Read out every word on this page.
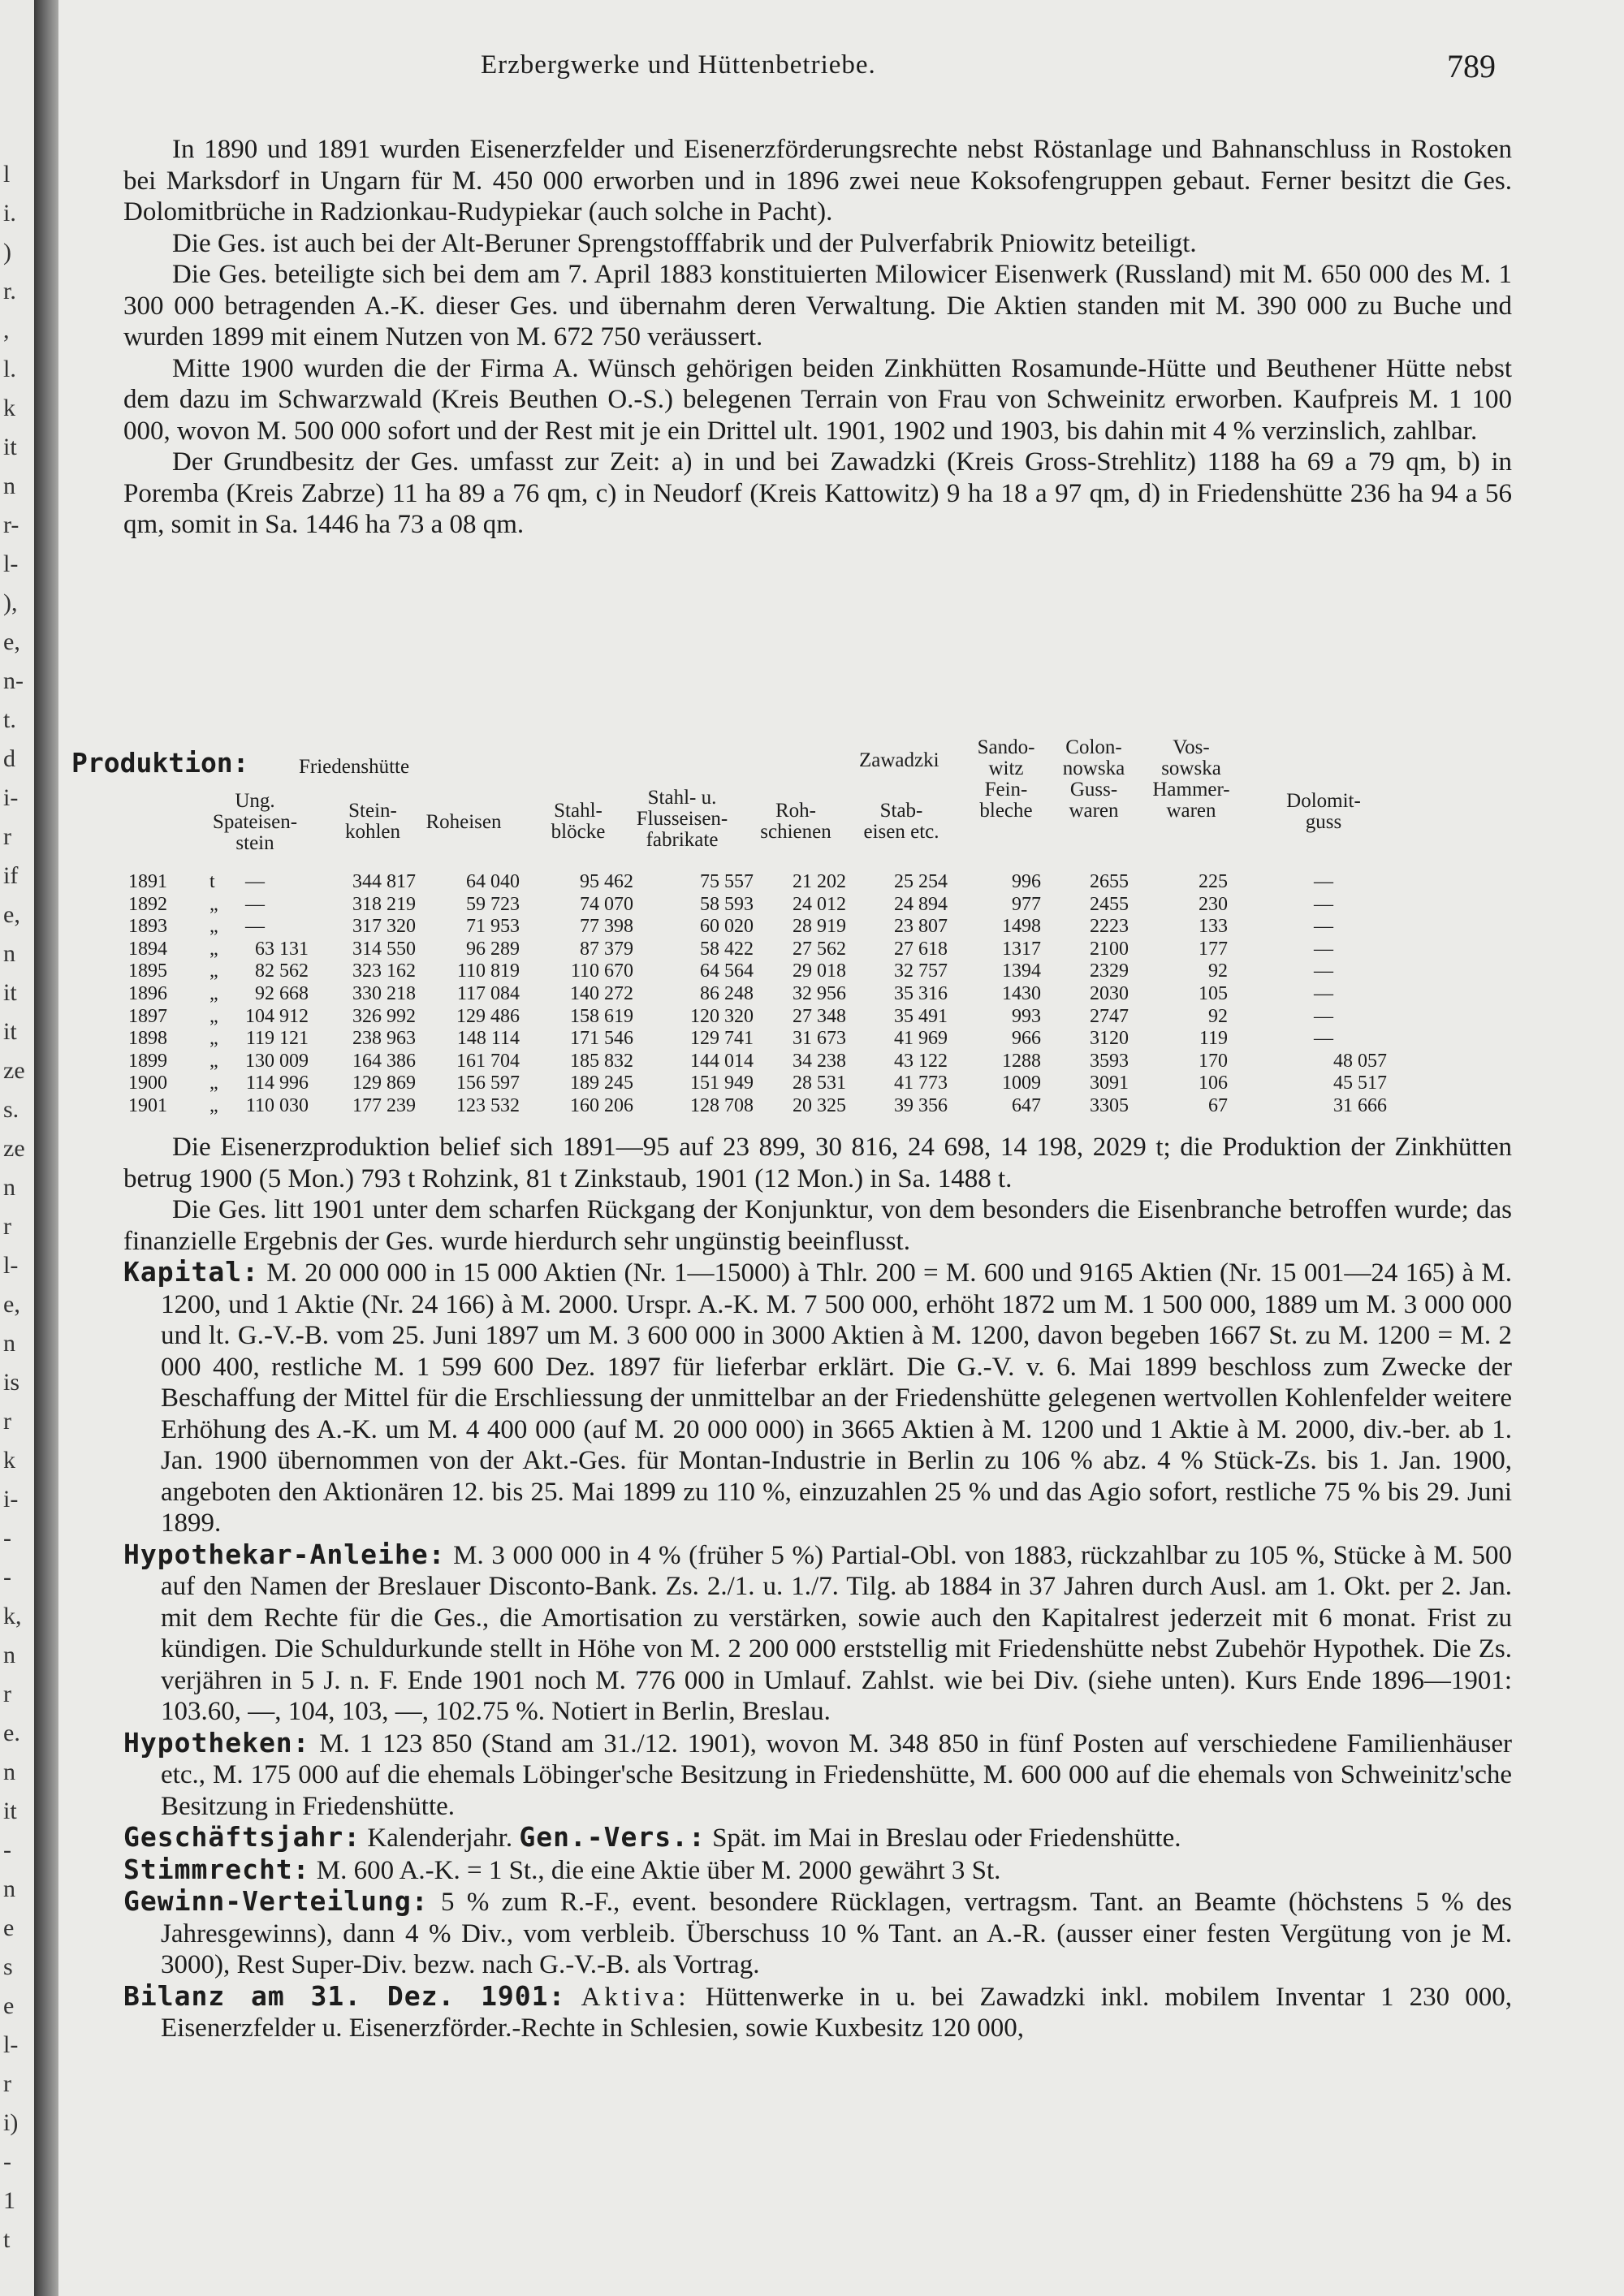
l
i.
)
r.
,
l.
k
it
n
r-
l-
),
e,
n-
t.
d
i-
r
if
e,
n
it
it
ze
s.
ze
n
r
l-
e,
n
is
r
k
i-
-
-
k,
n
r
e.
n
it
-
n
e
s
e
l-
r
i)
-
1
t
Erzbergwerke und Hüttenbetriebe.	789

In 1890 und 1891 wurden Eisenerzfelder und Eisenerzförderungsrechte nebst Röstanlage und Bahnanschluss in Rostoken bei Marksdorf in Ungarn für M. 450 000 erworben und in 1896 zwei neue Koksofengruppen gebaut. Ferner besitzt die Ges. Dolomitbrüche in Radzionkau-Rudypiekar (auch solche in Pacht).

Die Ges. ist auch bei der Alt-Beruner Sprengstofffabrik und der Pulverfabrik Pniowitz beteiligt.

Die Ges. beteiligte sich bei dem am 7. April 1883 konstituierten Milowicer Eisenwerk (Russland) mit M. 650 000 des M. 1 300 000 betragenden A.-K. dieser Ges. und übernahm deren Verwaltung. Die Aktien standen mit M. 390 000 zu Buche und wurden 1899 mit einem Nutzen von M. 672 750 veräussert.

Mitte 1900 wurden die der Firma A. Wünsch gehörigen beiden Zinkhütten Rosamunde-Hütte und Beuthener Hütte nebst dem dazu im Schwarzwald (Kreis Beuthen O.-S.) belegenen Terrain von Frau von Schweinitz erworben. Kaufpreis M. 1 100 000, wovon M. 500 000 sofort und der Rest mit je ein Drittel ult. 1901, 1902 und 1903, bis dahin mit 4 % verzinslich, zahlbar.

Der Grundbesitz der Ges. umfasst zur Zeit: a) in und bei Zawadzki (Kreis Gross-Strehlitz) 1188 ha 69 a 79 qm, b) in Poremba (Kreis Zabrze) 11 ha 89 a 76 qm, c) in Neudorf (Kreis Kattowitz) 9 ha 18 a 97 qm, d) in Friedenshütte 236 ha 94 a 56 qm, somit in Sa. 1446 ha 73 a 08 qm.

Produktion: Friedenshütte	Zawadzki

Die Eisenerzproduktion belief sich 1891—95 auf 23 899, 30 816, 24 698, 14 198, 2029 t; die Produktion der Zinkhütten betrug 1900 (5 Mon.) 793 t Rohzink, 81 t Zinkstaub, 1901 (12 Mon.) in Sa. 1488 t.

Die Ges. litt 1901 unter dem scharfen Rückgang der Konjunktur, von dem besonders die Eisenbranche betroffen wurde; das finanzielle Ergebnis der Ges. wurde hierdurch sehr ungünstig beeinflusst.

Kapital: M. 20 000 000 in 15 000 Aktien (Nr. 1—15000) à Thlr. 200 = M. 600 und 9165 Aktien (Nr. 15 001—24 165) à M. 1200, und 1 Aktie (Nr. 24 166) à M. 2000. Urspr. A.-K. M. 7 500 000, erhöht 1872 um M. 1 500 000, 1889 um M. 3 000 000 und lt. G.-V.-B. vom 25. Juni 1897 um M. 3 600 000 in 3000 Aktien à M. 1200, davon begeben 1667 St. zu M. 1200 = M. 2 000 400, restliche M. 1 599 600 Dez. 1897 für lieferbar erklärt. Die G.-V. v. 6. Mai 1899 beschloss zum Zwecke der Beschaffung der Mittel für die Erschliessung der unmittelbar an der Friedenshütte gelegenen wertvollen Kohlenfelder weitere Erhöhung des A.-K. um M. 4 400 000 (auf M. 20 000 000) in 3665 Aktien à M. 1200 und 1 Aktie à M. 2000, div.-ber. ab 1. Jan. 1900 übernommen von der Akt.-Ges. für Montan-Industrie in Berlin zu 106 % abz. 4 % Stück-Zs. bis 1. Jan. 1900, angeboten den Aktionären 12. bis 25. Mai 1899 zu 110 %, einzuzahlen 25 % und das Agio sofort, restliche 75 % bis 29. Juni 1899.

Hypothekar-Anleihe: M. 3 000 000 in 4 % (früher 5 %) Partial-Obl. von 1883, rückzahlbar zu 105 %, Stücke à M. 500 auf den Namen der Breslauer Disconto-Bank. Zs. 2./1. u. 1./7. Tilg. ab 1884 in 37 Jahren durch Ausl. am 1. Okt. per 2. Jan. mit dem Rechte für die Ges., die Amortisation zu verstärken, sowie auch den Kapitalrest jederzeit mit 6 monat. Frist zu kündigen. Die Schuldurkunde stellt in Höhe von M. 2 200 000 erststellig mit Friedenshütte nebst Zubehör Hypothek. Die Zs. verjähren in 5 J. n. F. Ende 1901 noch M. 776 000 in Umlauf. Zahlst. wie bei Div. (siehe unten). Kurs Ende 1896—1901: 103.60, —, 104, 103, —, 102.75 %. Notiert in Berlin, Breslau.

Hypotheken: M. 1 123 850 (Stand am 31./12. 1901), wovon M. 348 850 in fünf Posten auf verschiedene Familienhäuser etc., M. 175 000 auf die ehemals Löbinger'sche Besitzung in Friedenshütte, M. 600 000 auf die ehemals von Schweinitz'sche Besitzung in Friedenshütte.

Geschäftsjahr: Kalenderjahr. Gen.-Vers.: Spät. im Mai in Breslau oder Friedenshütte.

Stimmrecht: M. 600 A.-K. = 1 St., die eine Aktie über M. 2000 gewährt 3 St.

Gewinn-Verteilung: 5 % zum R.-F., event. besondere Rücklagen, vertragsm. Tant. an Beamte (höchstens 5 % des Jahresgewinns), dann 4 % Div., vom verbleib. Überschuss 10 % Tant. an A.-R. (ausser einer festen Vergütung von je M. 3000), Rest Super-Div. bezw. nach G.-V.-B. als Vortrag.

Bilanz am 31. Dez. 1901: Aktiva: Hüttenwerke in u. bei Zawadzki inkl. mobilem Inventar 1 230 000, Eisenerzfelder u. Eisenerzförder.-Rechte in Schlesien, sowie Kuxbesitz 120 000,

Ung.
Spateisen-
stein
Stein-
kohlen	Roheisen
Stahl-
blöcke
Stahl- u.
Flusseisen-
fabrikate
Roh-
schienen
Stab-
eisen etc.
Sando-
witz
Fein-
bleche
Colon-
nowska
Guss-
waren
Vos-
sowska
Hammer-
waren	Dolomit-
guss
1891 t	—	344 817	64 040	95 462	75 557	21 202	25 254	996	2655	225	—
1892 „	—	318 219	59 723	74 070	58 593	24 012	24 894	977	2455	230	—
1893 „	—	317 320	71 953	77 398	60 020	28 919	23 807	1498	2223	133	—
1894 „	63 131	314 550	96 289	87 379	58 422	27 562	27 618	1317	2100	177	—
1895 „	82 562	323 162	110 819	110 670	64 564	29 018	32 757	1394	2329	92	—
1896 „	92 668	330 218	117 084	140 272	86 248	32 956	35 316	1430	2030	105	—
1897 „	104 912	326 992	129 486	158 619	120 320	27 348	35 491	993	2747	92	—
1898 „	119 121	238 963	148 114	171 546	129 741	31 673	41 969	966	3120	119	—
1899 „	130 009	164 386	161 704	185 832	144 014	34 238	43 122	1288	3593	170	48 057
1900 „	114 996	129 869	156 597	189 245	151 949	28 531	41 773	1009	3091	106	45 517
1901 „	110 030	177 239	123 532	160 206	128 708	20 325	39 356	647	3305	67	31 666
